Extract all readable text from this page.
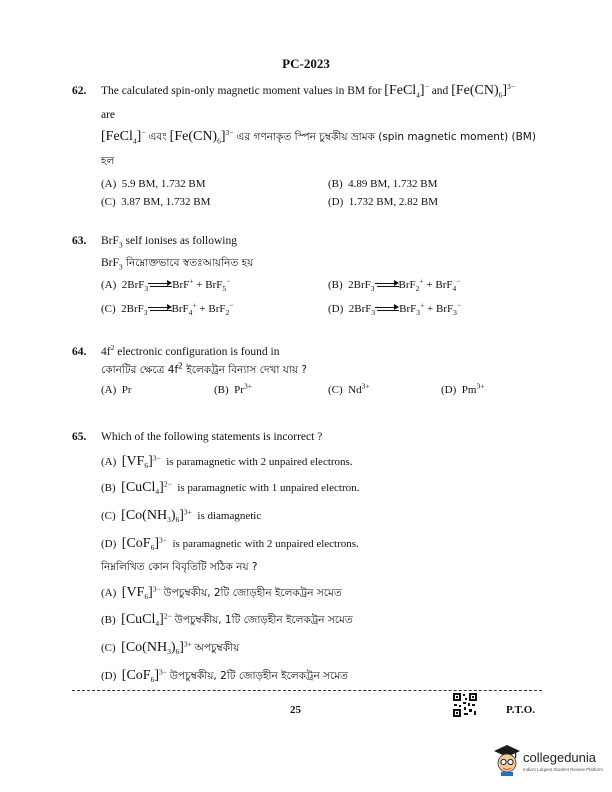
PC-2023
62. The calculated spin-only magnetic moment values in BM for [FeCl$_4$]− and $[Fe(CN)_6]^{3-}$
are
[FeCl$_4$]− এবং $[Fe(CN)_6]^{3-}$ এর গণনাকৃত স্পিন চুম্বকীয় ভ্রামক (spin magnetic moment) (BM)
হল
(A) 5.9 BM, 1.732 BM	(B) 4.89 BM, 1.732 BM
(C) 3.87 BM, 1.732 BM	(D) 1.732 BM, 2.82 BM
63. BrF$_3$ self ionises as following
BrF$_3$ নিম্নোক্তভাবে স্বতঃআয়নিত হয়
(A) 2BrF$_3$ BrF+ + BrF$_5$−	(B) 2BrF$_3$ BrF$_2$+ + BrF$_4$−
(C) 2BrF$_3$ BrF$_4$+ + BrF$_2$−	(D) 2BrF$_3$ BrF$_3$+ + BrF$_3$−
64. $4f^2$ electronic configuration is found in
কোনটির ক্ষেত্রে $4f^2$ ইলেকট্রন বিন্যাস দেখা যায় ?
(A) Pr	(B) $Pr^{3+}$	(C) $Nd^{3+}$	(D) $Pm^{3+}$
65. Which of the following statements is incorrect ?
(A) $[VF_6]^{3-}$ is paramagnetic with 2 unpaired electrons.
(B) [CuCl$_4$]$^{2-}$ is paramagnetic with 1 unpaired electron.
(C) $[Co(NH_3)_6]^{3+}$ is diamagnetic
(D) $[CoF_6]^{3-}$ is paramagnetic with 2 unpaired electrons.
নিম্নলিখিত কোন বিবৃতিটি সঠিক নয় ?
(A) $[VF_6]^{3-}$ উপচুম্বকীয়, 2টি জোড়হীন ইলেকট্রন সমেত
(B) [CuCl$_4$]$^{2-}$ উপচুম্বকীয়, 1টি জোড়হীন ইলেকট্রন সমেত
(C) $[Co(NH_3)_6]^{3+}$ অপচুম্বকীয়
(D) $[CoF_6]^{3-}$ উপচুম্বকীয়, 2টি জোড়হীন ইলেকট্রন সমেত
25	P.T.O.
collegedunia
India's Largest Student Review Platform
